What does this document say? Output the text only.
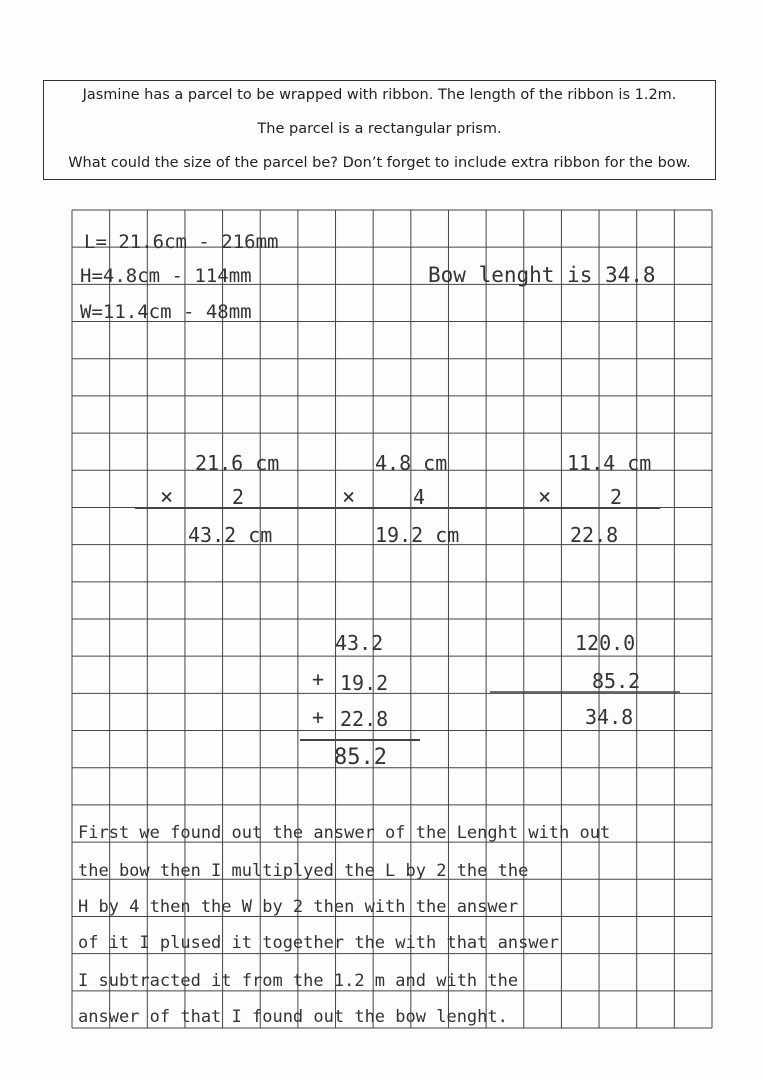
Jasmine has a parcel to be wrapped with ribbon. The length of the ribbon is 1.2m.
The parcel is a rectangular prism.
What could the size of the parcel be? Don’t forget to include extra ribbon for the bow.
L= 21.6cm - 216mm
H=4.8cm - 114mm
W=11.4cm - 48mm
Bow lenght is 34.8
21.6 cm
×	2
43.2 cm
4.8 cm
×	4
19.2 cm
11.4 cm
×	2
22.8
43.2
+ 19.2
+ 22.8
85.2
120.0
85.2
34.8
First we found out the answer of the Lenght with out
the bow then I multiplyed the L by 2 the the
H by 4 then the W by 2 then with the answer
of it I plused it together the with that answer
I subtracted it from the 1.2 m and with the
answer of that I found out the bow lenght.
